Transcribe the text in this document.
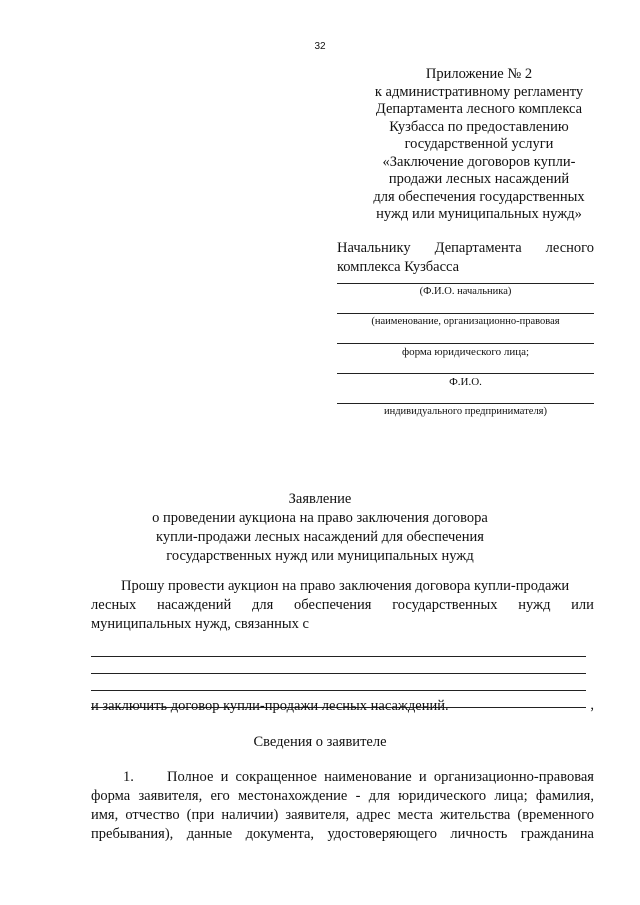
32
Приложение № 2
к административному регламенту
Департамента лесного комплекса
Кузбасса по предоставлению
государственной услуги
«Заключение договоров купли-
продажи лесных насаждений
для обеспечения государственных
нужд или муниципальных нужд»
Начальнику Департамента лесного
комплекса Кузбасса
(Ф.И.О. начальника)
(наименование, организационно-правовая
форма юридического лица;
Ф.И.О.
индивидуального предпринимателя)
Заявление
о проведении аукциона на право заключения договора
купли-продажи лесных насаждений для обеспечения
государственных нужд или муниципальных нужд
Прошу провести аукцион на право заключения договора купли-продажи
лесных насаждений для обеспечения государственных нужд или
муниципальных нужд, связанных с
,
и заключить договор купли-продажи лесных насаждений.
Сведения о заявителе
1. Полное и сокращенное наименование и организационно-правовая
форма заявителя, его местонахождение - для юридического лица; фамилия,
имя, отчество (при наличии) заявителя, адрес места жительства (временного
пребывания), данные документа, удостоверяющего личность гражданина
